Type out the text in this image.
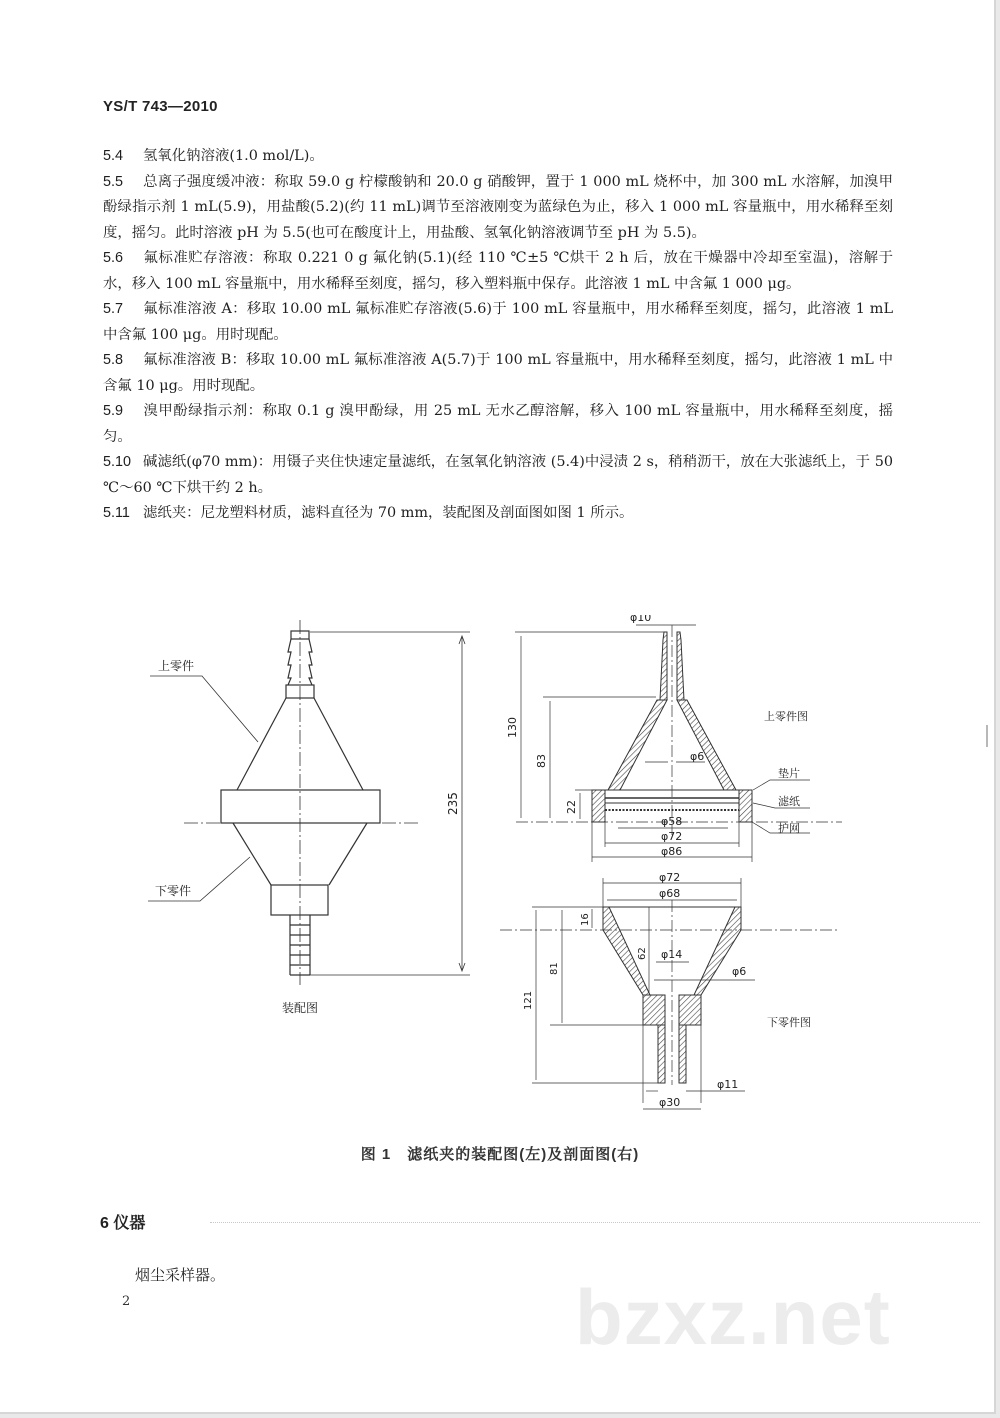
YS/T 743—2010

5.4 氢氧化钠溶液(1.0 mol/L)。

5.5 总离子强度缓冲液：称取 59.0 g 柠檬酸钠和 20.0 g 硝酸钾，置于 1 000 mL 烧杯中，加 300 mL 水溶解，加溴甲酚绿指示剂 1 mL(5.9)，用盐酸(5.2)(约 11 mL)调节至溶液刚变为蓝绿色为止，移入 1 000 mL 容量瓶中，用水稀释至刻度，摇匀。此时溶液 pH 为 5.5(也可在酸度计上，用盐酸、氢氧化钠溶液调节至 pH 为 5.5)。

5.6 氟标准贮存溶液：称取 0.221 0 g 氟化钠(5.1)(经 110 ℃±5 ℃烘干 2 h 后，放在干燥器中冷却至室温)，溶解于水，移入 100 mL 容量瓶中，用水稀释至刻度，摇匀，移入塑料瓶中保存。此溶液 1 mL 中含氟 1 000 μg。

5.7 氟标准溶液 A：移取 10.00 mL 氟标准贮存溶液(5.6)于 100 mL 容量瓶中，用水稀释至刻度，摇匀，此溶液 1 mL 中含氟 100 μg。用时现配。

5.8 氟标准溶液 B：移取 10.00 mL 氟标准溶液 A(5.7)于 100 mL 容量瓶中，用水稀释至刻度，摇匀，此溶液 1 mL 中含氟 10 μg。用时现配。

5.9 溴甲酚绿指示剂：称取 0.1 g 溴甲酚绿，用 25 mL 无水乙醇溶解，移入 100 mL 容量瓶中，用水稀释至刻度，摇匀。

5.10 碱滤纸(φ70 mm)：用镊子夹住快速定量滤纸，在氢氧化钠溶液 (5.4)中浸渍 2 s，稍稍沥干，放在大张滤纸上，于 50 ℃～60 ℃下烘干约 2 h。

5.11 滤纸夹：尼龙塑料材质，滤料直径为 70 mm，装配图及剖面图如图 1 所示。

上零件
下零件
235
装配图
φ10
φ6
130
83
22
φ58
φ72
φ86
上零件图
垫片
滤纸
护网
φ72
φ68
16
62
81
121
φ14
φ6
φ11
φ30
下零件图
图 1　滤纸夹的装配图(左)及剖面图(右)
6 仪器
烟尘采样器。
2	bzxz.net
